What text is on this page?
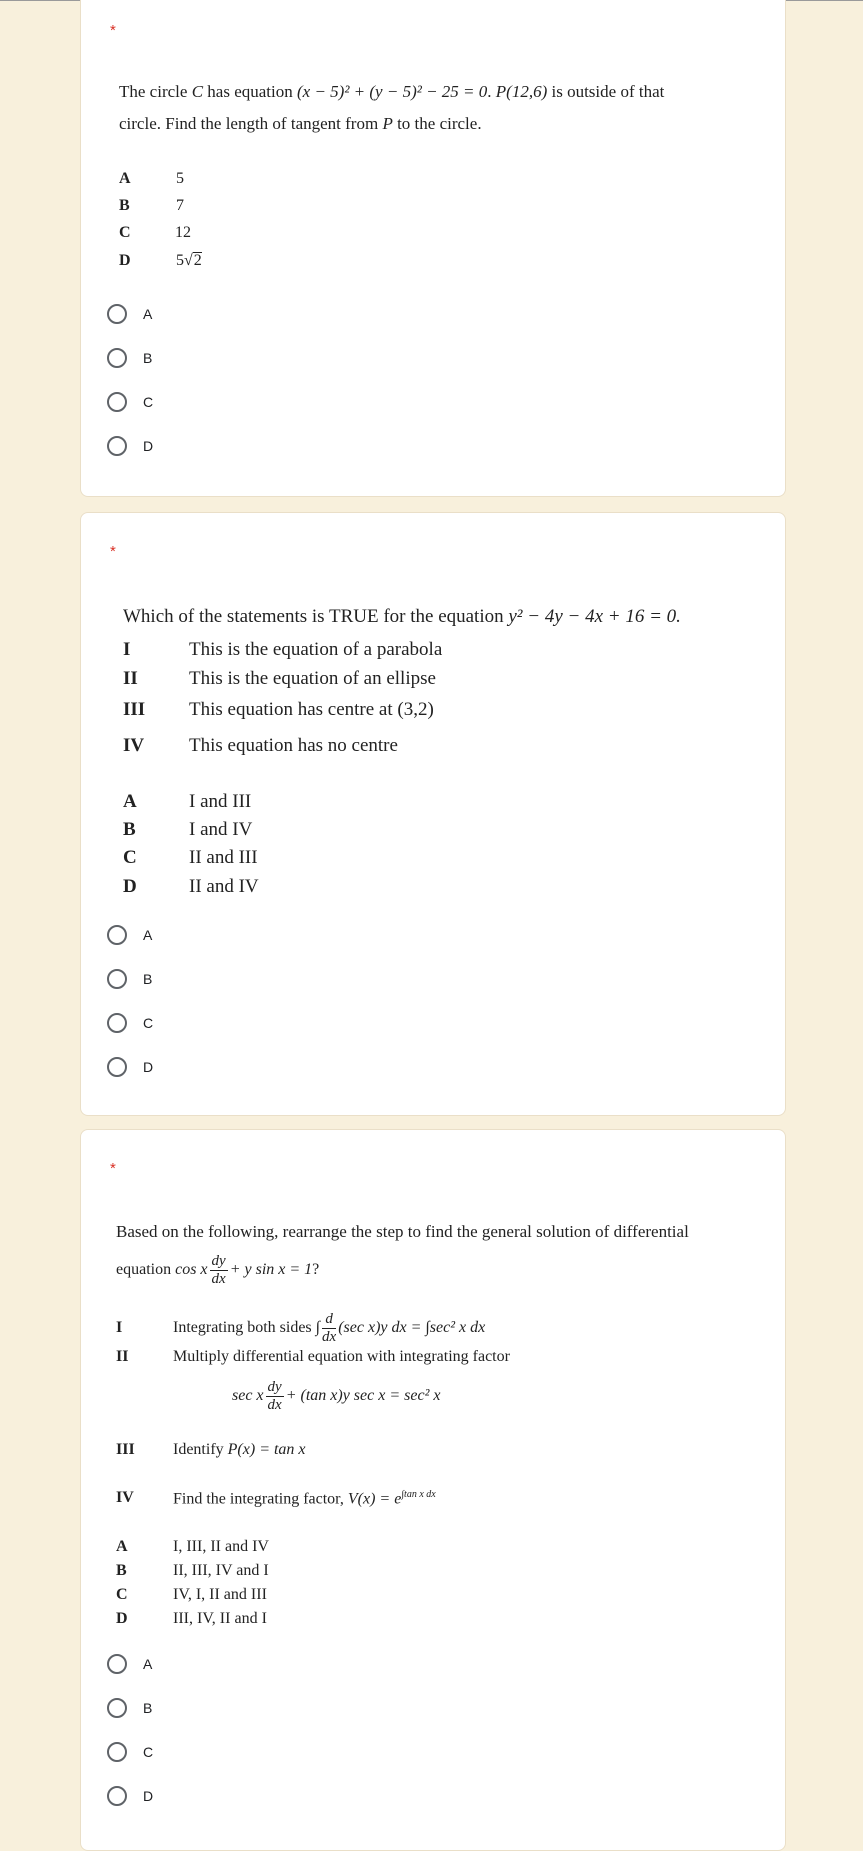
*
The circle C has equation (x − 5)² + (y − 5)² − 25 = 0. P(12,6) is outside of that
circle. Find the length of tangent from P to the circle.
A	5
B	7
C	12
D	5√2
A
B
C
D
*
Which of the statements is TRUE for the equation y² − 4y − 4x + 16 = 0.
I	This is the equation of a parabola
II	This is the equation of an ellipse
III This equation has centre at (3,2)
IV This equation has no centre
A	I and III
B	I and IV
C	II and III
D	II and IV
A
B
C
D
*
Based on the following, rearrange the step to find the general solution of differential
equation cos x $\frac{dy}{dx} + y$ sin x = 1?
I	Integrating both sides ∫ $\frac{d}{dx} (\sec$ x)y dx = ∫sec² x dx
II	Multiply differential equation with integrating factor
sec x $\frac{dy}{dx} + (\tan$ x)y sec x = sec² x
III Identify P(x) = tan x
IV Find the integrating factor, $V(x) = e^{\int tan x dx}$
A	I, III, II and IV
B	II, III, IV and I
C	IV, I, II and III
D	III, IV, II and I
A
B
C
D
